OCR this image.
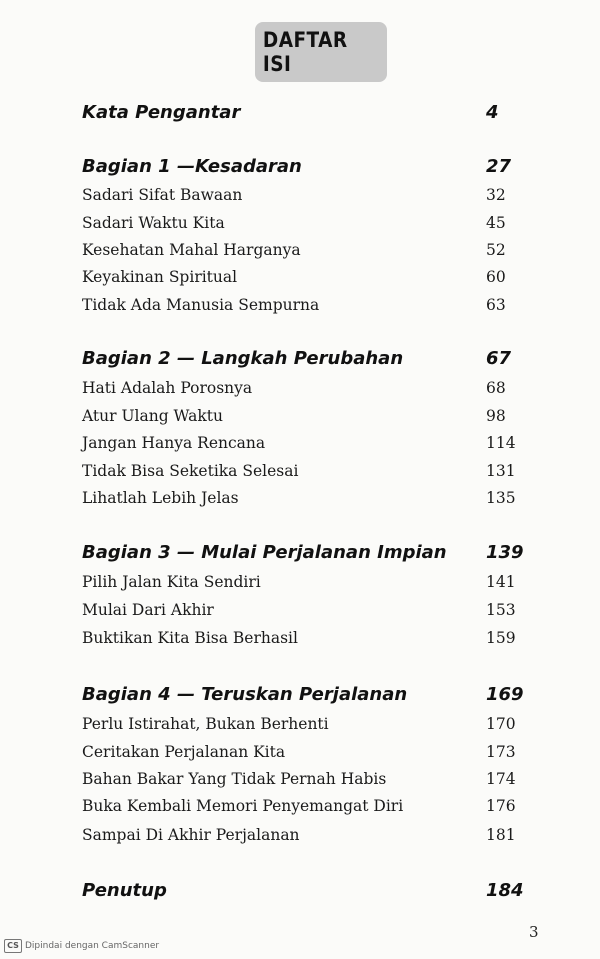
DAFTAR ISI
Kata Pengantar	4
Bagian 1 —Kesadaran	27
Sadari Sifat Bawaan	32
Sadari Waktu Kita	45
Kesehatan Mahal Harganya	52
Keyakinan Spiritual	60
Tidak Ada Manusia Sempurna	63
Bagian 2 — Langkah Perubahan	67
Hati Adalah Porosnya	68
Atur Ulang Waktu	98
Jangan Hanya Rencana	114
Tidak Bisa Seketika Selesai	131
Lihatlah Lebih Jelas	135
Bagian 3 — Mulai Perjalanan Impian 139
Pilih Jalan Kita Sendiri	141
Mulai Dari Akhir	153
Buktikan Kita Bisa Berhasil	159
Bagian 4 — Teruskan Perjalanan	169
Perlu Istirahat, Bukan Berhenti	170
Ceritakan Perjalanan Kita	173
Bahan Bakar Yang Tidak Pernah Habis	174
Buka Kembali Memori Penyemangat Diri	176
Sampai Di Akhir Perjalanan	181
Penutup	184
3
CS Dipindai dengan CamScanner
